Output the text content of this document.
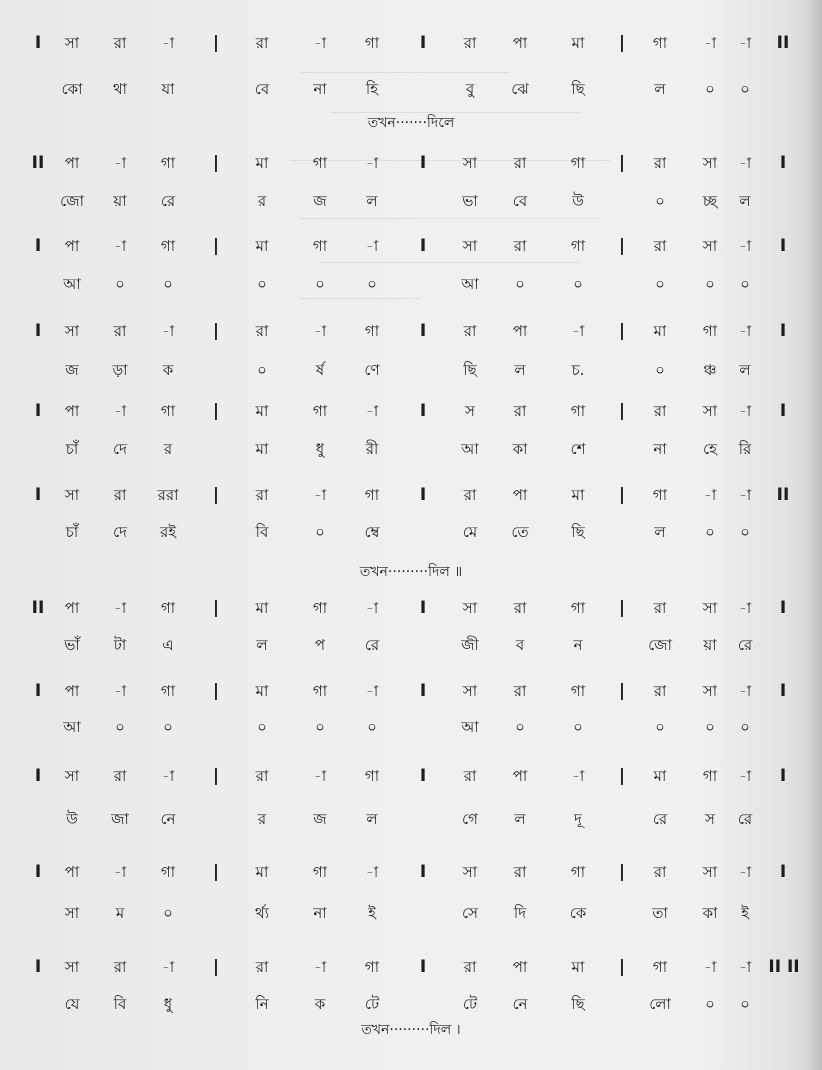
I সা রা -া | রা	-া	গা I	রা পা	মা | গা -া -া II
কো থা যা	বে	না	হি	বু ঝে	ছি	ল	০ ০
তখন·······দিলে
II পা -া গা | মা	গা	-া I সা রা	গা | রা সা -া I
জো য়া রে	র	জ	ল	ভা বে	উ	০	চ্ছ ল
I পা -া গা | মা	গা	-া I সা রা	গা | রা সা -া I
আ ০	০	০	০	০	আ ০	০	০	০ ০
I সা রা -া | রা	-া	গা I	রা পা	-া | মা গা -া I
জ ড়া ক	০	র্ষ	ণে	ছি	ল	চ.	০	ঞ্চ ল
I পা -া গা | মা	গা	-া I	স	রা	গা | রা সা -া I
চাঁ দে র	মা	ধু	রী	আ কা	শে	না হে রি
I সা রা ররা | রা	-া	গা I	রা পা	মা | গা -া -া II
চাঁ দে রই	বি	০	ম্বে	মে তে	ছি	ল	০ ০
তখন·········দিল ॥
II পা -া গা | মা	গা	-া I সা রা	গা | রা সা -া I
ভাঁ টা এ	ল	প	রে	জী ব	ন	জো য়া রে
I পা -া গা | মা	গা	-া I সা রা	গা | রা সা -া I
আ ০	০	০	০	০	আ ০	০	০	০ ০
I সা রা -া | রা	-া	গা I	রা পা	-া | মা গা -া I
উ জা নে	র	জ	ল	গে ল	দূ	রে	স রে
I পা -া গা | মা	গা	-া I সা রা	গা | রা সা -া I
সা ম	০	র্থ্য	না	ই	সে দি	কে	তা কা ই
I সা রা -া | রা	-া	গা I	রা পা	মা | গা -া -া II II
যে বি ধু	নি	ক	টে	টে নে	ছি	লো ০ ০
তখন·········দিল ।
